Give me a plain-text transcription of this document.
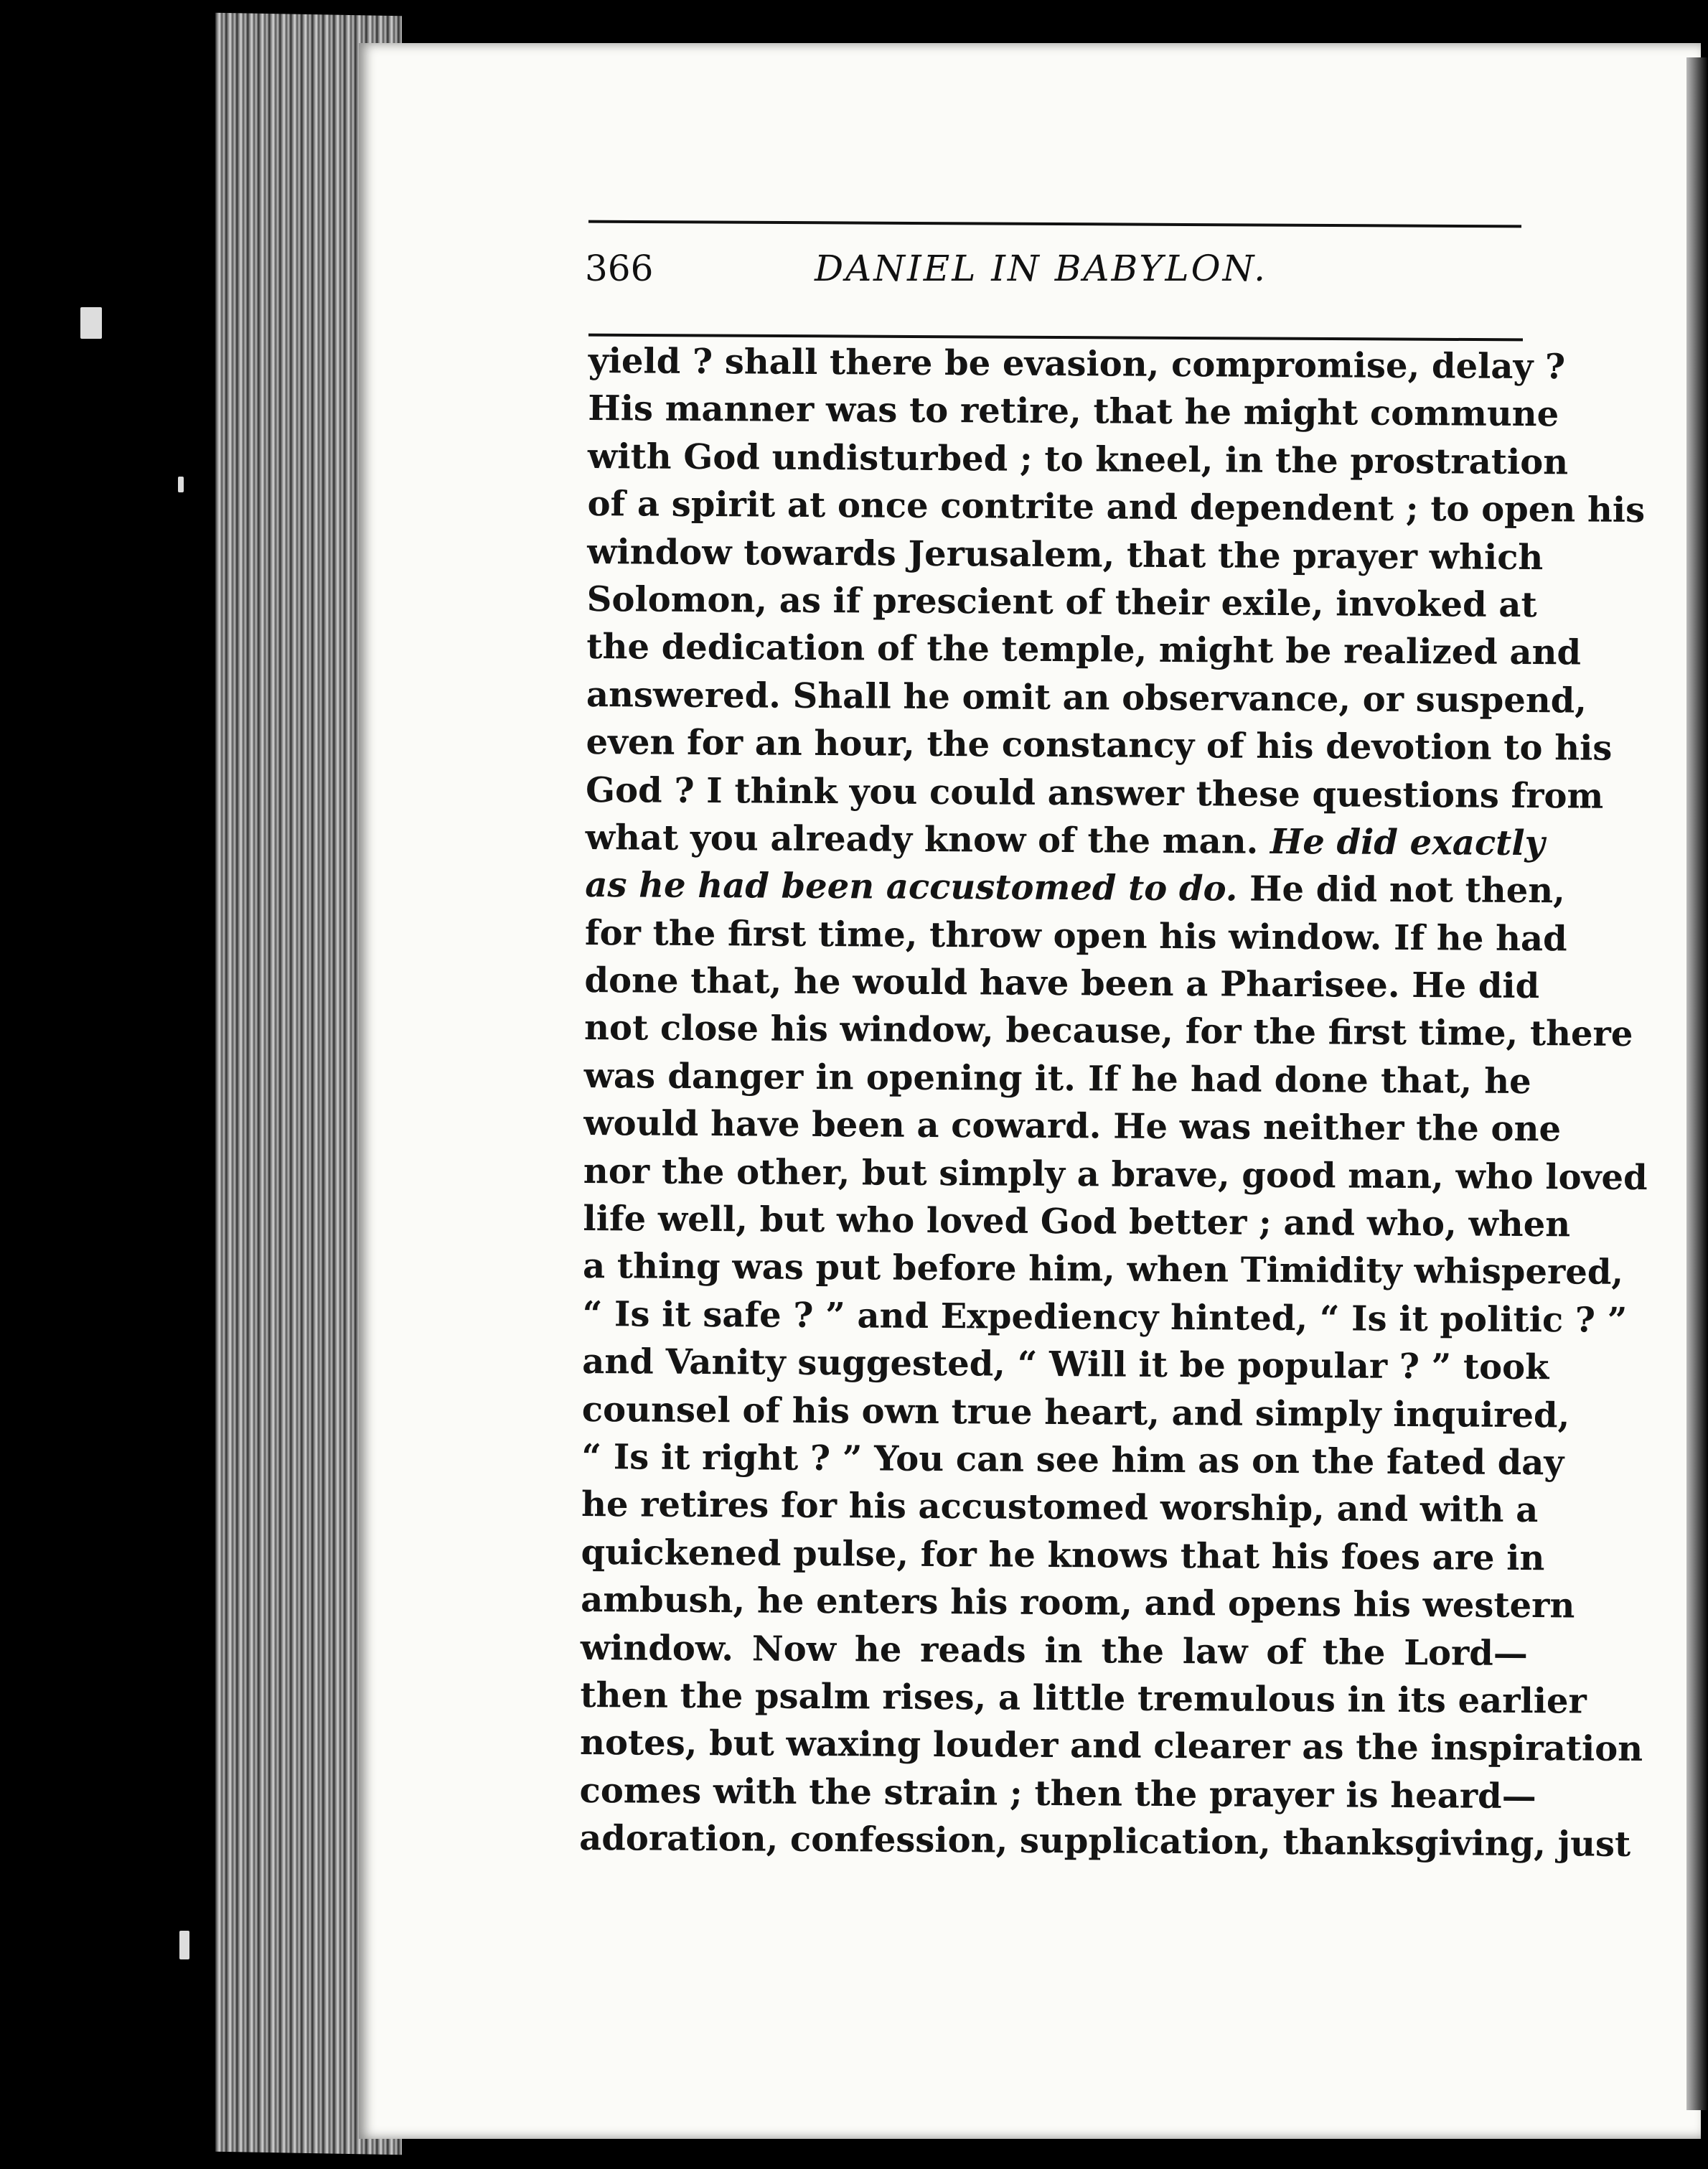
366	DANIEL IN BABYLON.
yield ? shall there be evasion, compromise, delay ?
His manner was to retire, that he might commune
with God undisturbed ; to kneel, in the prostration
of a spirit at once contrite and dependent ; to open his
window towards Jerusalem, that the prayer which
Solomon, as if prescient of their exile, invoked at
the dedication of the temple, might be realized and
answered. Shall he omit an observance, or suspend,
even for an hour, the constancy of his devotion to his
God ? I think you could answer these questions from
what you already know of the man. He did exactly
as he had been accustomed to do. He did not then,
for the first time, throw open his window. If he had
done that, he would have been a Pharisee. He did
not close his window, because, for the first time, there
was danger in opening it. If he had done that, he
would have been a coward. He was neither the one
nor the other, but simply a brave, good man, who loved
life well, but who loved God better ; and who, when
a thing was put before him, when Timidity whispered,
“ Is it safe ? ” and Expediency hinted, “ Is it politic ? ”
and Vanity suggested, “ Will it be popular ? ” took
counsel of his own true heart, and simply inquired,
“ Is it right ? ” You can see him as on the fated day
he retires for his accustomed worship, and with a
quickened pulse, for he knows that his foes are in
ambush, he enters his room, and opens his western
window. Now he reads in the law of the Lord—
then the psalm rises, a little tremulous in its earlier
notes, but waxing louder and clearer as the inspiration
comes with the strain ; then the prayer is heard—
adoration, confession, supplication, thanksgiving, just
